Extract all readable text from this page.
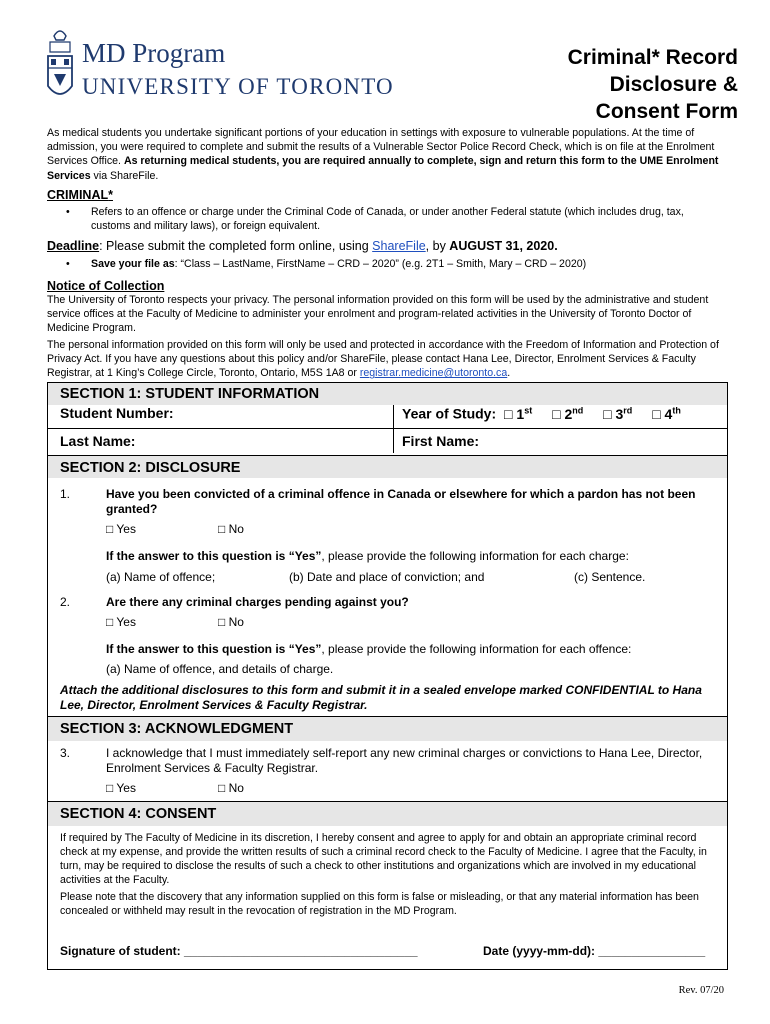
MD Program
UNIVERSITY OF TORONTO
Criminal* Record
Disclosure &
Consent Form
As medical students you undertake significant portions of your education in settings with exposure to vulnerable populations. At the time of admission, you were required to complete and submit the results of a Vulnerable Sector Police Record Check, which is on file at the Enrolment Services Office. As returning medical students, you are required annually to complete, sign and return this form to the UME Enrolment Services via ShareFile.
CRIMINAL*
• Refers to an offence or charge under the Criminal Code of Canada, or under another Federal statute (which includes drug, tax, customs and military laws), or foreign equivalent.
Deadline: Please submit the completed form online, using ShareFile, by AUGUST 31, 2020.
• Save your file as: “Class – LastName, FirstName – CRD – 2020” (e.g. 2T1 – Smith, Mary – CRD – 2020)
Notice of Collection
The University of Toronto respects your privacy. The personal information provided on this form will be used by the administrative and student service offices at the Faculty of Medicine to administer your enrolment and program-related activities in the University of Toronto Doctor of Medicine Program.
The personal information provided on this form will only be used and protected in accordance with the Freedom of Information and Protection of Privacy Act. If you have any questions about this policy and/or ShareFile, please contact Hana Lee, Director, Enrolment Services & Faculty Registrar, at 1 King’s College Circle, Toronto, Ontario, M5S 1A8 or registrar.medicine@utoronto.ca.
SECTION 1: STUDENT INFORMATION
Student Number:	Year of Study: □ 1st □ 2nd □ 3rd □ 4th
Last Name:	First Name:
SECTION 2: DISCLOSURE
1.	Have you been convicted of a criminal offence in Canada or elsewhere for which a pardon has not been granted?
□ Yes	□ No
If the answer to this question is “Yes”, please provide the following information for each charge:
(a) Name of offence;	(b) Date and place of conviction; and	(c) Sentence.
2.	Are there any criminal charges pending against you?
□ Yes	□ No
If the answer to this question is “Yes”, please provide the following information for each offence:
(a) Name of offence, and details of charge.
Attach the additional disclosures to this form and submit it in a sealed envelope marked CONFIDENTIAL to Hana Lee, Director, Enrolment Services & Faculty Registrar.
SECTION 3: ACKNOWLEDGMENT
3.	I acknowledge that I must immediately self-report any new criminal charges or convictions to Hana Lee, Director, Enrolment Services & Faculty Registrar.
□ Yes	□ No
SECTION 4: CONSENT
If required by The Faculty of Medicine in its discretion, I hereby consent and agree to apply for and obtain an appropriate criminal record check at my expense, and provide the written results of such a criminal record check to the Faculty of Medicine. I agree that the Faculty, in turn, may be required to disclose the results of such a check to other institutions and organizations which are involved in my educational activities at the Faculty.
Please note that the discovery that any information supplied on this form is false or misleading, or that any material information has been concealed or withheld may result in the revocation of registration in the MD Program.
Signature of student: ___________________________________	Date (yyyy-mm-dd): ________________
Rev. 07/20
